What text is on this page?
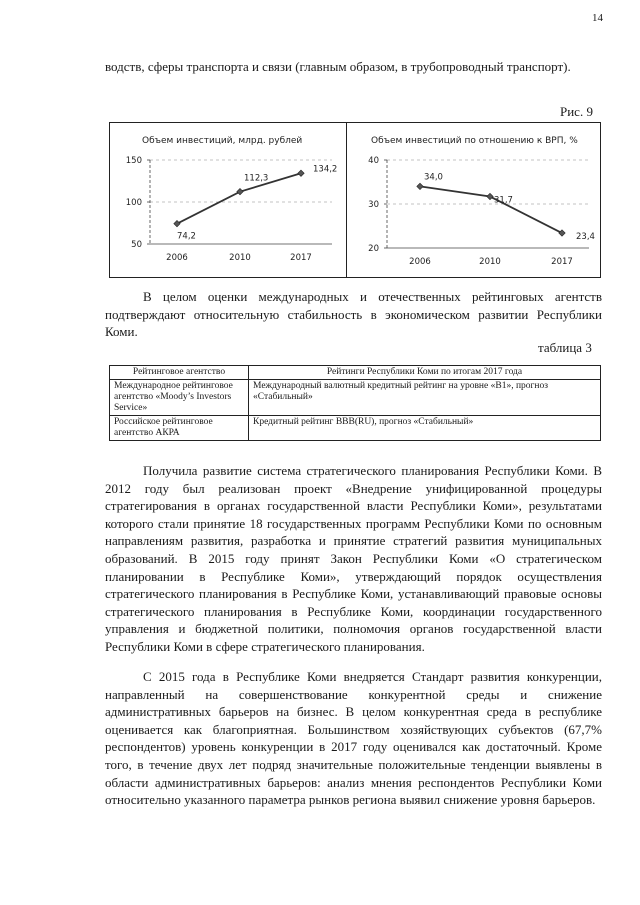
14

водств, сферы транспорта и связи (главным образом, в трубопроводный транспорт).

Рис. 9
Объем инвестиций, млрд. рублей
50
100
150
2006	2010	2017
74,2
112,3
134,2
Объем инвестиций по отношению к ВРП, %
20
30
40
2006	2010	2017
34,0
31,7
23,4

В целом оценки международных и отечественных рейтинговых агентств подтверждают относительную стабильность в экономическом развитии Республики Коми.

таблица 3
Рейтинговое агентство	Рейтинги Республики Коми по итогам 2017 года
Международное рейтинговое агентство «Moody’s Investors Service»	Международный валютный кредитный рейтинг на уровне «B1», прогноз «Стабильный»
Российское рейтинговое агентство АКРА	Кредитный рейтинг BBB(RU), прогноз «Стабильный»

Получила развитие система стратегического планирования Республики Коми. В 2012 году был реализован проект «Внедрение унифицированной процедуры стратегирования в органах государственной власти Республики Коми», результатами которого стали принятие 18 государственных программ Республики Коми по основным направлениям развития, разработка и принятие стратегий развития муниципальных образований. В 2015 году принят Закон Республики Коми «О стратегическом планировании в Республике Коми», утверждающий порядок осуществления стратегического планирования в Республике Коми, устанавливающий правовые основы стратегического планирования в Республике Коми, координации государственного управления и бюджетной политики, полномочия органов государственной власти Республики Коми в сфере стратегического планирования.

С 2015 года в Республике Коми внедряется Стандарт развития конкуренции, направленный на совершенствование конкурентной среды и снижение административных барьеров на бизнес. В целом конкурентная среда в республике оценивается как благоприятная. Большинством хозяйствующих субъектов (67,7% респондентов) уровень конкуренции в 2017 году оценивался как достаточный. Кроме того, в течение двух лет подряд значительные положительные тенденции выявлены в области административных барьеров: анализ мнения респондентов Республики Коми относительно указанного параметра рынков региона выявил снижение уровня барьеров.
